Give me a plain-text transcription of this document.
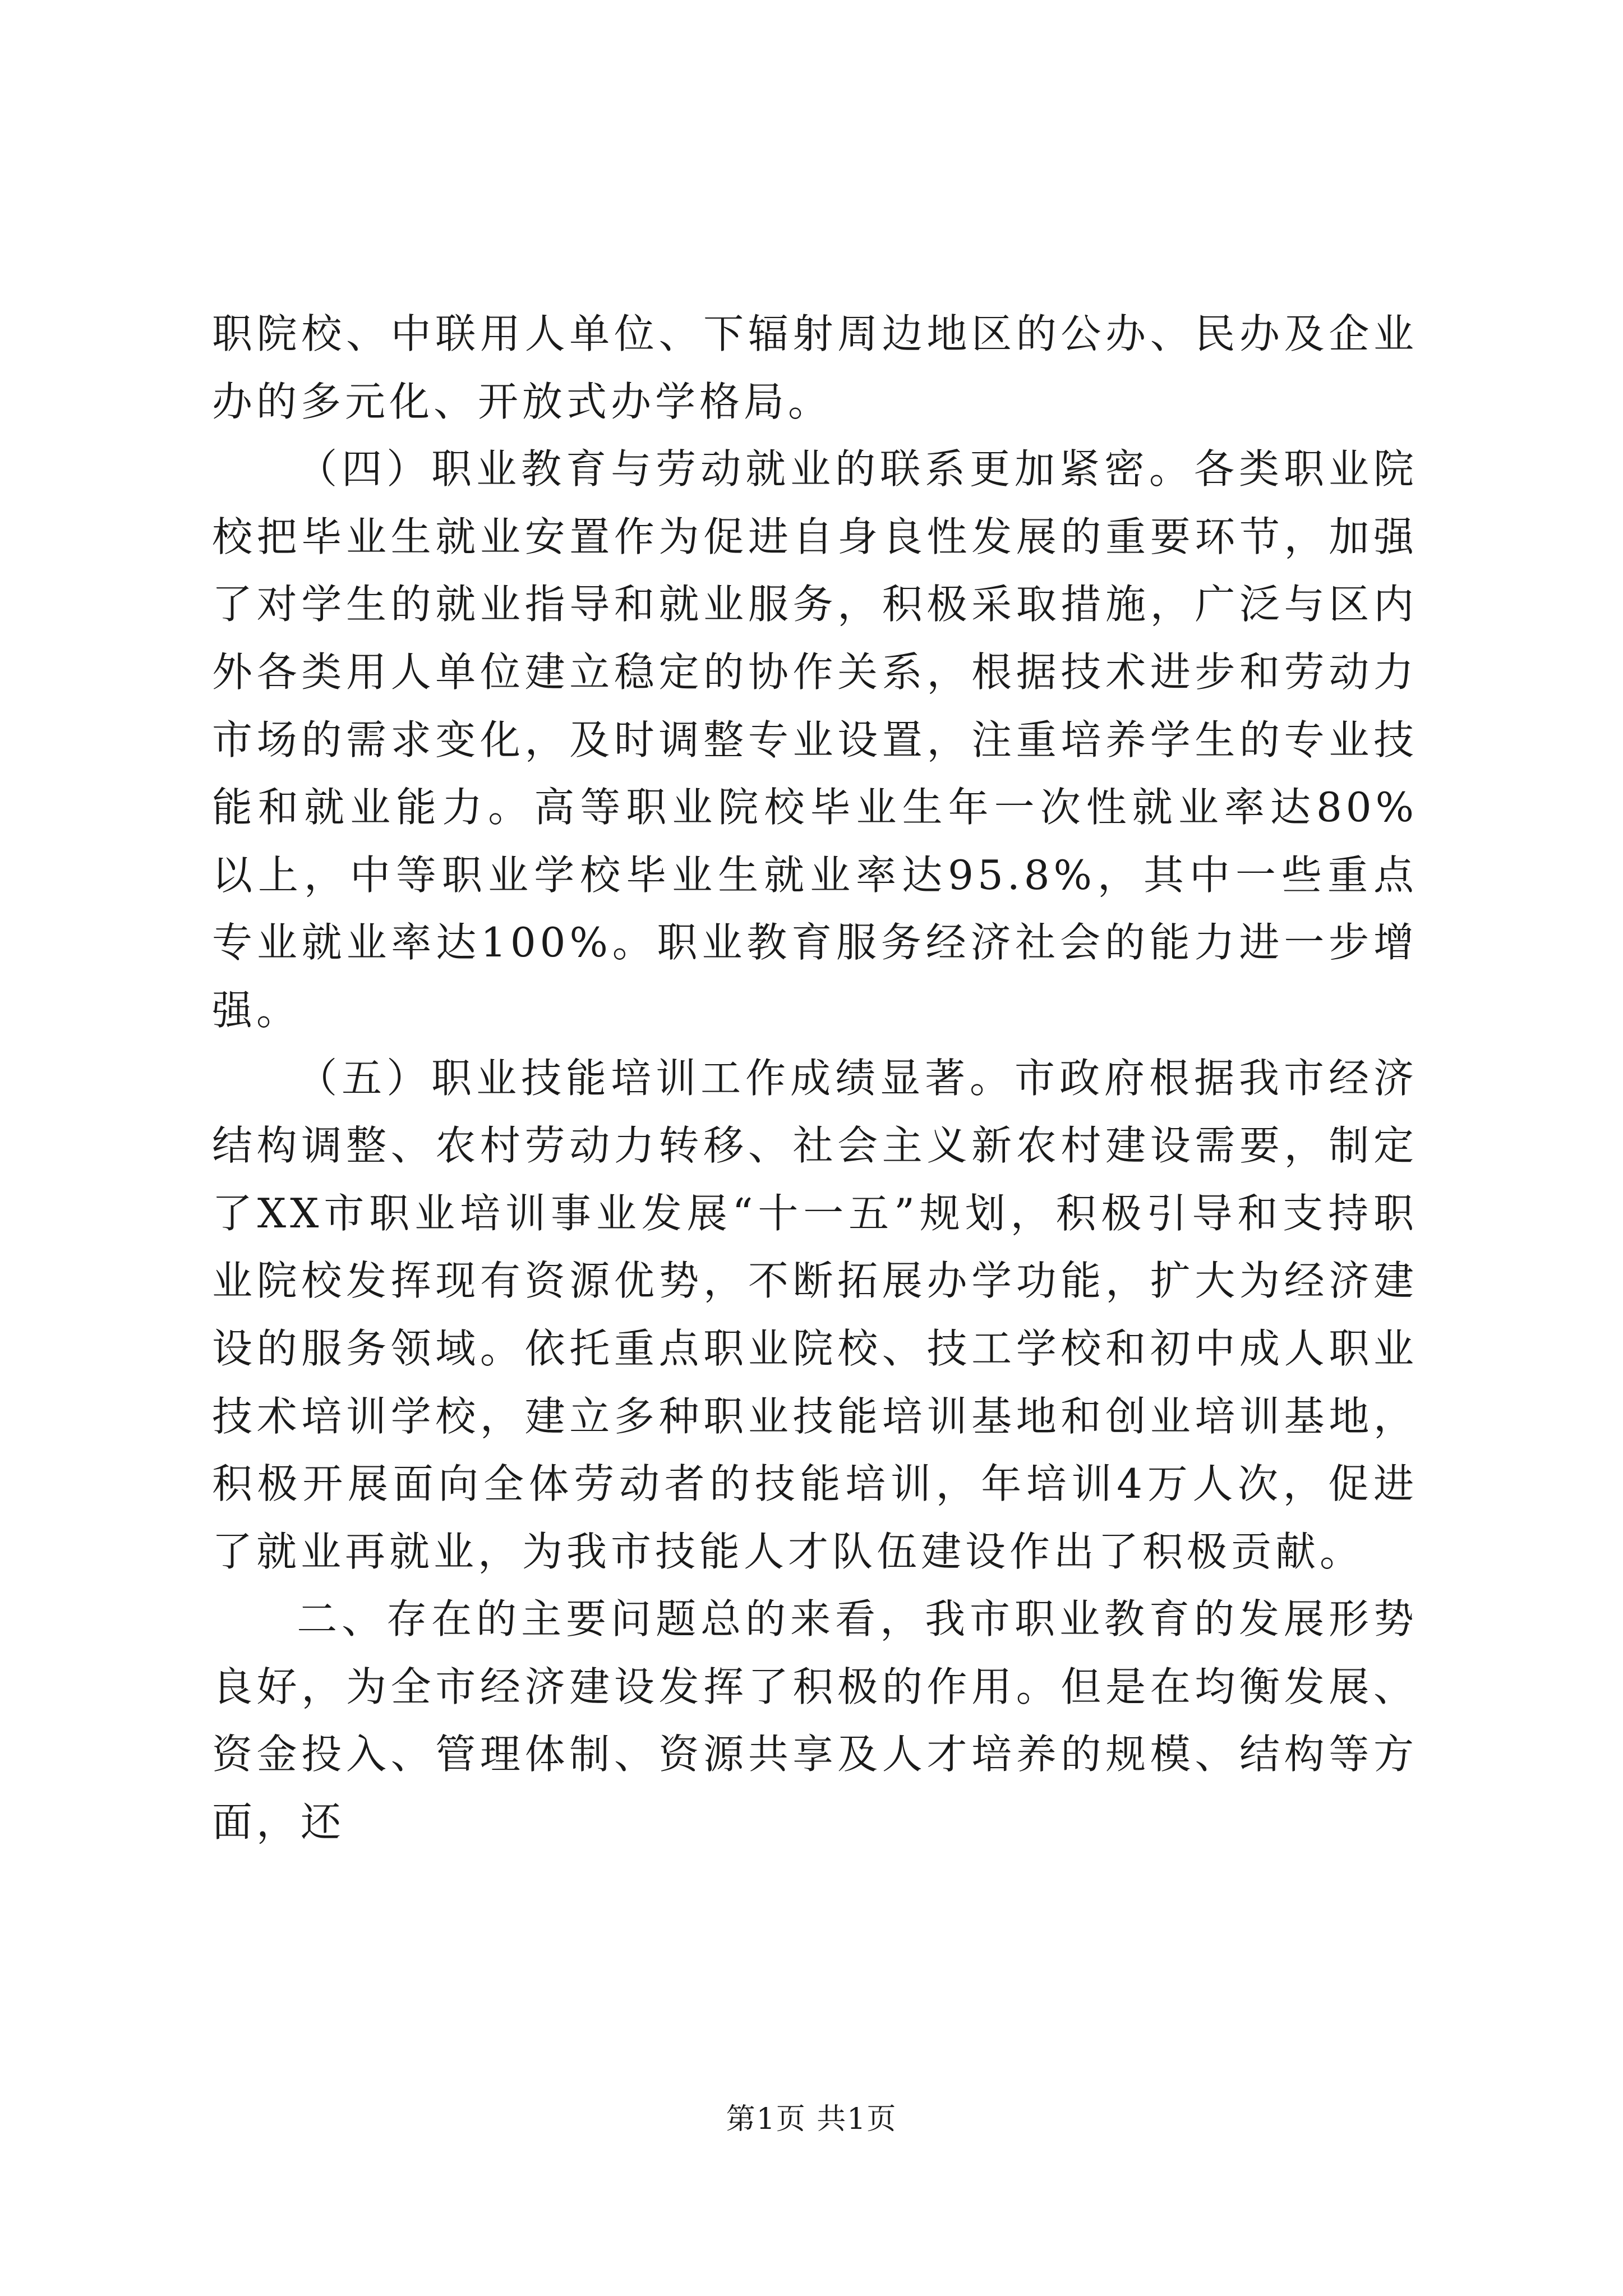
职院校、中联用人单位、下辐射周边地区的公办、民办及企业办的多元化、开放式办学格局。

（四）职业教育与劳动就业的联系更加紧密。各类职业院校把毕业生就业安置作为促进自身良性发展的重要环节，加强了对学生的就业指导和就业服务，积极采取措施，广泛与区内外各类用人单位建立稳定的协作关系，根据技术进步和劳动力市场的需求变化，及时调整专业设置，注重培养学生的专业技能和就业能力。高等职业院校毕业生年一次性就业率达80%以上，中等职业学校毕业生就业率达95.8%，其中一些重点专业就业率达100%。职业教育服务经济社会的能力进一步增强。

（五）职业技能培训工作成绩显著。市政府根据我市经济结构调整、农村劳动力转移、社会主义新农村建设需要，制定了XX市职业培训事业发展“十一五”规划，积极引导和支持职业院校发挥现有资源优势，不断拓展办学功能，扩大为经济建设的服务领域。依托重点职业院校、技工学校和初中成人职业技术培训学校，建立多种职业技能培训基地和创业培训基地，积极开展面向全体劳动者的技能培训，年培训4万人次，促进了就业再就业，为我市技能人才队伍建设作出了积极贡献。

二、存在的主要问题总的来看，我市职业教育的发展形势良好，为全市经济建设发挥了积极的作用。但是在均衡发展、资金投入、管理体制、资源共享及人才培养的规模、结构等方面，还

第1页 共1页
